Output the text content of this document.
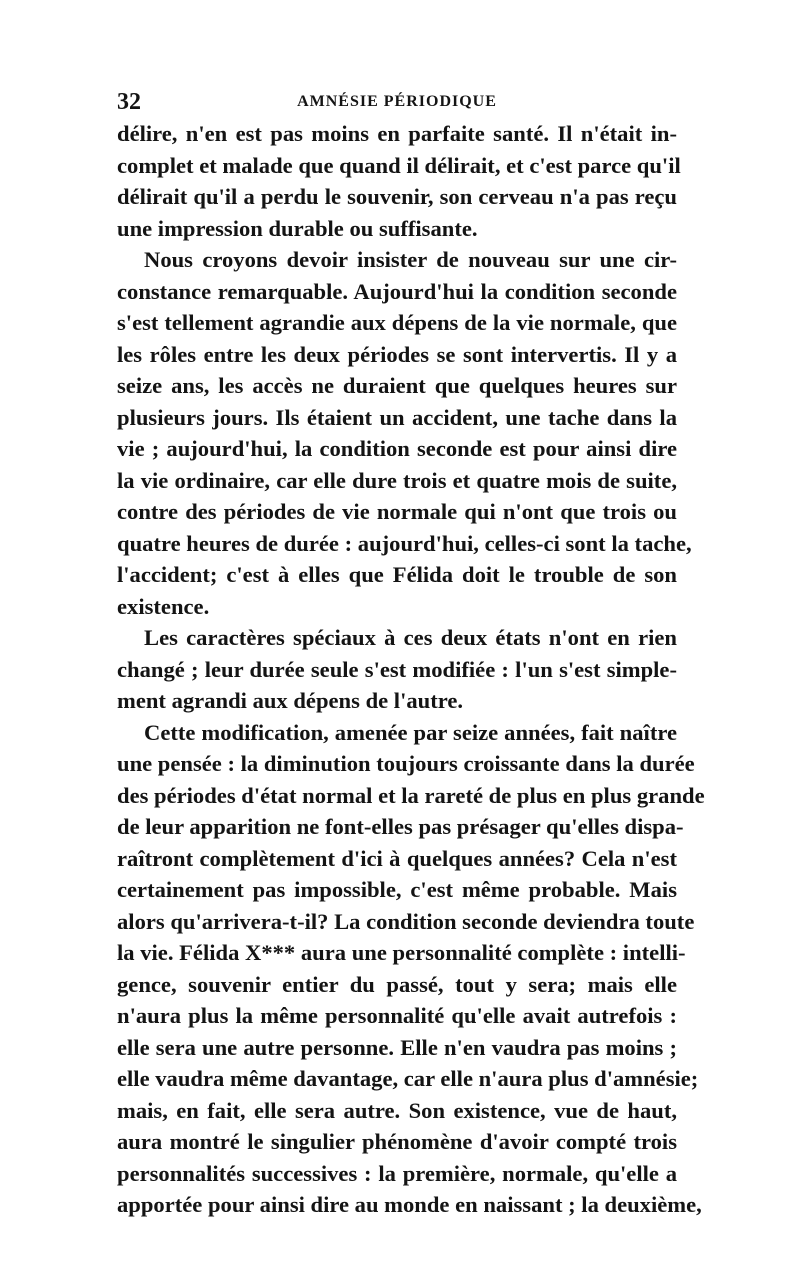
32	AMNÉSIE PÉRIODIQUE
délire, n'en est pas moins en parfaite santé. Il n'était in-
complet et malade que quand il délirait, et c'est parce qu'il
délirait qu'il a perdu le souvenir, son cerveau n'a pas reçu
une impression durable ou suffisante.
Nous croyons devoir insister de nouveau sur une cir-
constance remarquable. Aujourd'hui la condition seconde
s'est tellement agrandie aux dépens de la vie normale, que
les rôles entre les deux périodes se sont intervertis. Il y a
seize ans, les accès ne duraient que quelques heures sur
plusieurs jours. Ils étaient un accident, une tache dans la
vie ; aujourd'hui, la condition seconde est pour ainsi dire
la vie ordinaire, car elle dure trois et quatre mois de suite,
contre des périodes de vie normale qui n'ont que trois ou
quatre heures de durée : aujourd'hui, celles-ci sont la tache,
l'accident; c'est à elles que Félida doit le trouble de son
existence.
Les caractères spéciaux à ces deux états n'ont en rien
changé ; leur durée seule s'est modifiée : l'un s'est simple-
ment agrandi aux dépens de l'autre.
Cette modification, amenée par seize années, fait naître
une pensée : la diminution toujours croissante dans la durée
des périodes d'état normal et la rareté de plus en plus grande
de leur apparition ne font-elles pas présager qu'elles dispa-
raîtront complètement d'ici à quelques années? Cela n'est
certainement pas impossible, c'est même probable. Mais
alors qu'arrivera-t-il? La condition seconde deviendra toute
la vie. Félida X*** aura une personnalité complète : intelli-
gence, souvenir entier du passé, tout y sera; mais elle
n'aura plus la même personnalité qu'elle avait autrefois :
elle sera une autre personne. Elle n'en vaudra pas moins ;
elle vaudra même davantage, car elle n'aura plus d'amnésie;
mais, en fait, elle sera autre. Son existence, vue de haut,
aura montré le singulier phénomène d'avoir compté trois
personnalités successives : la première, normale, qu'elle a
apportée pour ainsi dire au monde en naissant ; la deuxième,
